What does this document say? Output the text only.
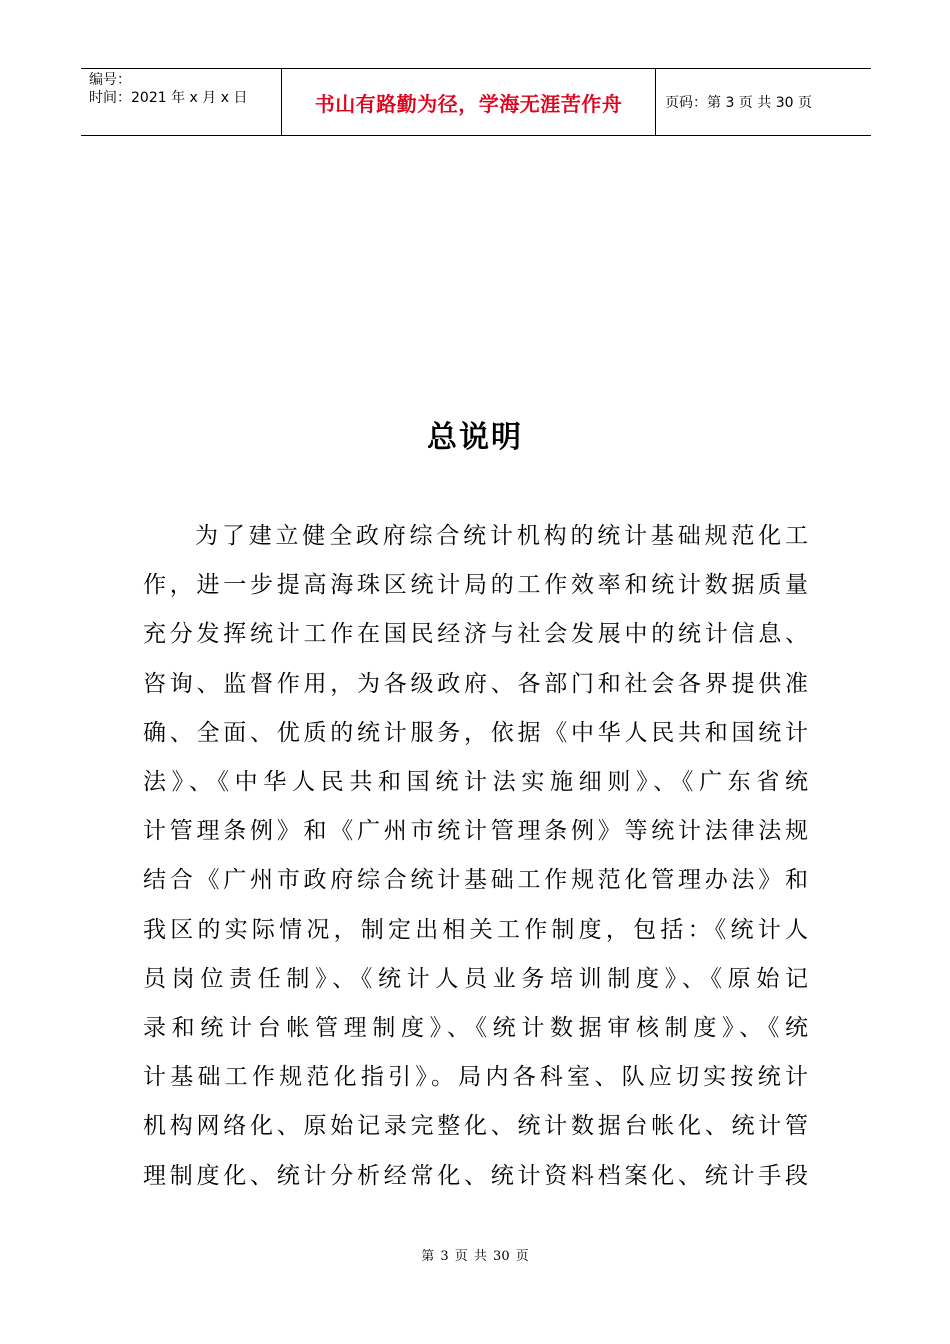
编号：
时间：2021 年 x 月 x 日	书山有路勤为径，学海无涯苦作舟	页码：第 3 页 共 30 页
总说明
为了建立健全政府综合统计机构的统计基础规范化工
作，进一步提高海珠区统计局的工作效率和统计数据质量
充分发挥统计工作在国民经济与社会发展中的统计信息、
咨询、监督作用，为各级政府、各部门和社会各界提供准
确、全面、优质的统计服务，依据《中华人民共和国统计
法》、《中华人民共和国统计法实施细则》、《广东省统
计管理条例》和《广州市统计管理条例》等统计法律法规
结合《广州市政府综合统计基础工作规范化管理办法》和
我区的实际情况，制定出相关工作制度，包括：《统计人
员岗位责任制》、《统计人员业务培训制度》、《原始记
录和统计台帐管理制度》、《统计数据审核制度》、《统
计基础工作规范化指引》。局内各科室、队应切实按统计
机构网络化、原始记录完整化、统计数据台帐化、统计管
理制度化、统计分析经常化、统计资料档案化、统计手段
第 3 页 共 30 页
